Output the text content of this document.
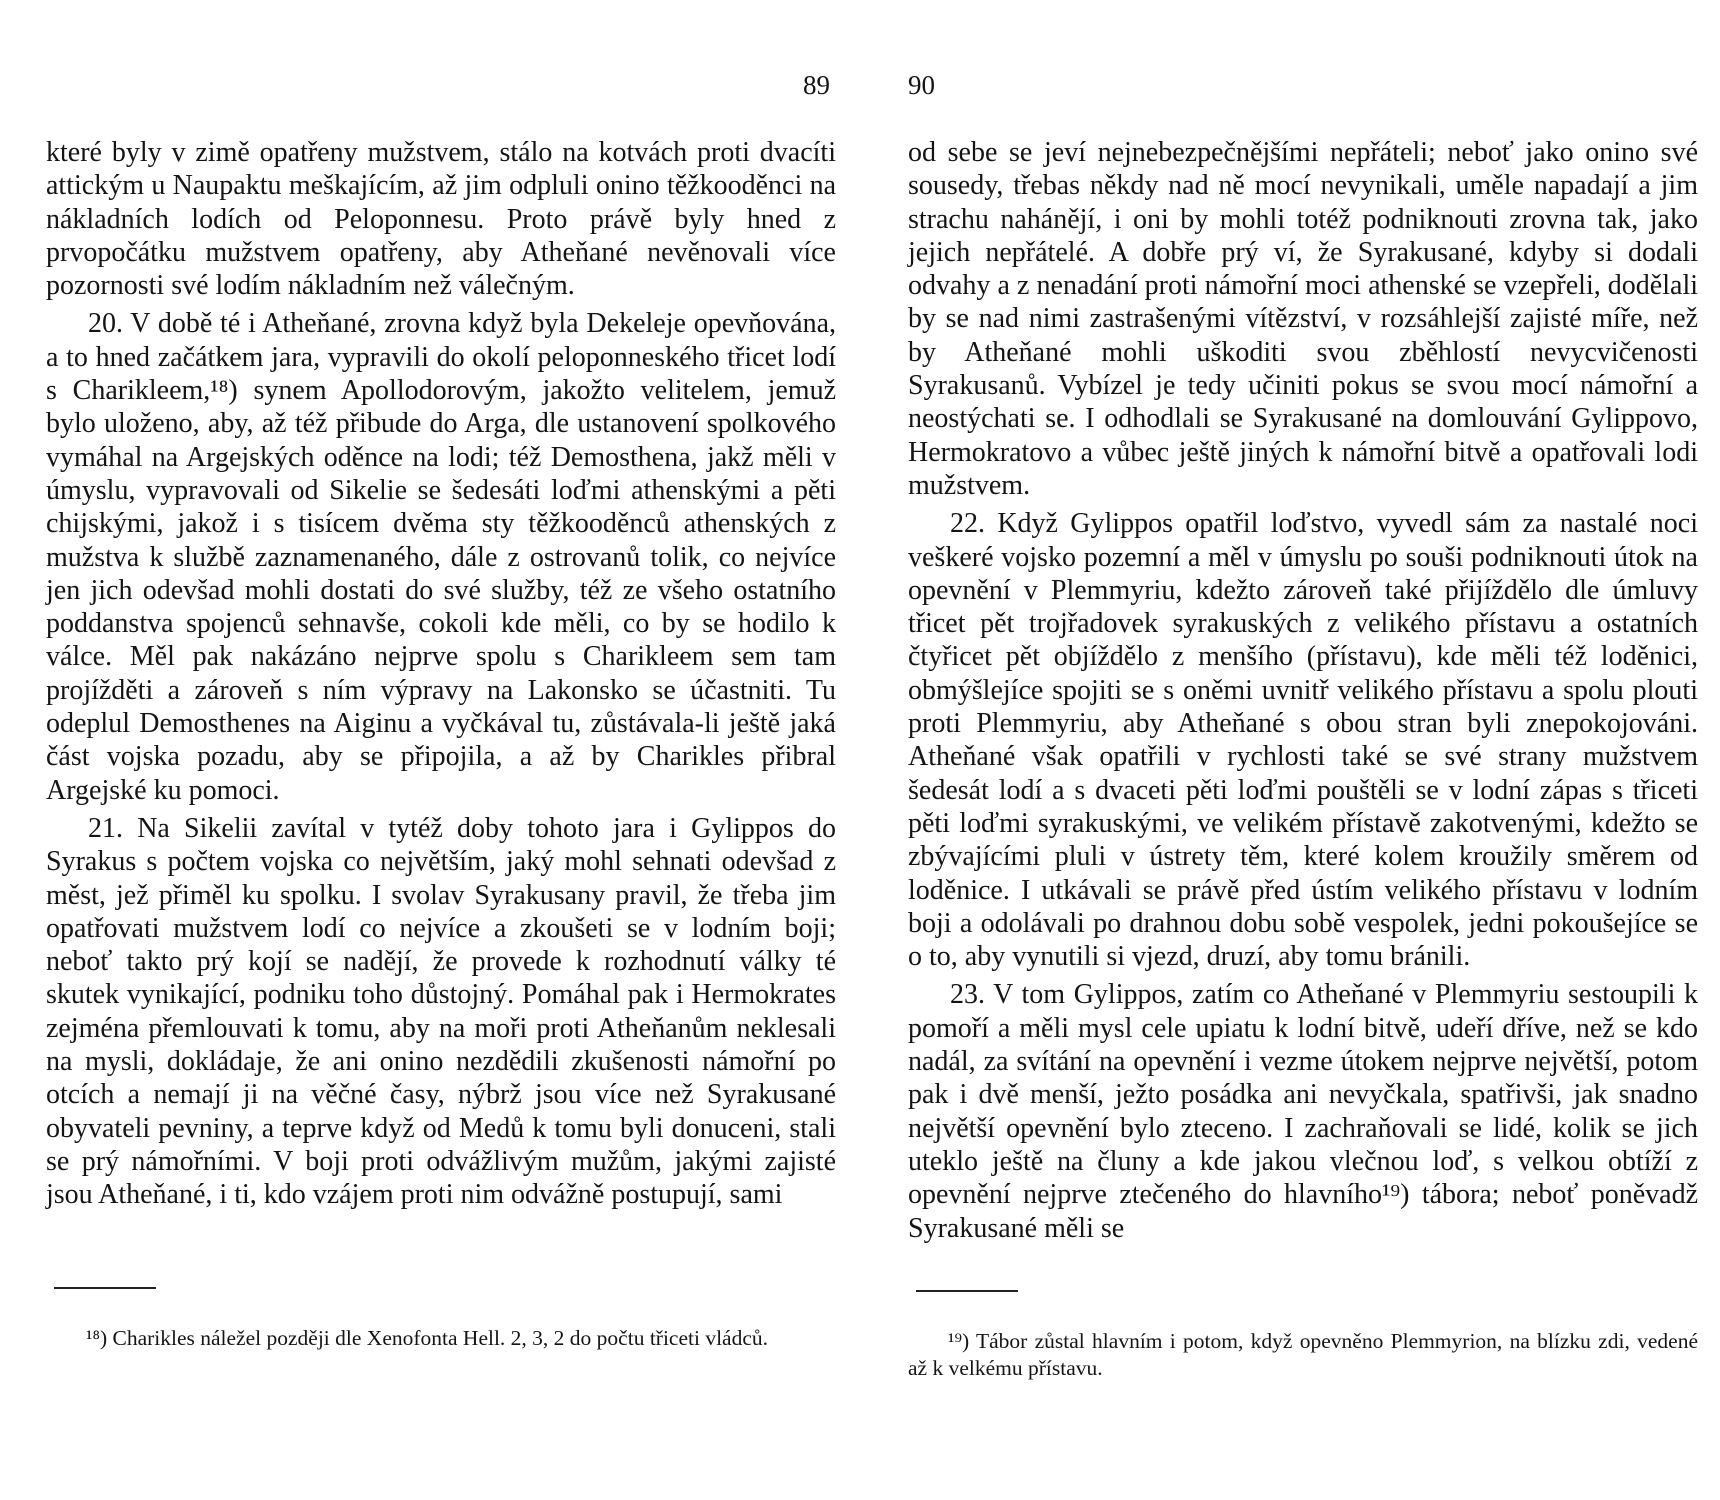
89

které byly v zimě opatřeny mužstvem, stálo na kotvách proti dvacíti attickým u Naupaktu meškajícím, až jim odpluli onino těžkooděnci na nákladních lodích od Peloponnesu. Proto právě byly hned z prvopočátku mužstvem opatřeny, aby Atheňané nevěnovali více pozornosti své lodím nákladním než válečným.

20. V době té i Atheňané, zrovna když byla Dekeleje opevňována, a to hned začátkem jara, vypravili do okolí peloponneského třicet lodí s Charikleem,¹⁸) synem Apollodorovým, jakožto velitelem, jemuž bylo uloženo, aby, až též přibude do Arga, dle ustanovení spolkového vymáhal na Argejských oděnce na lodi; též Demosthena, jakž měli v úmyslu, vypravovali od Sikelie se šedesáti loďmi athenskými a pěti chijskými, jakož i s tisícem dvěma sty těžkooděnců athenských z mužstva k službě zaznamenaného, dále z ostrovanů tolik, co nejvíce jen jich odevšad mohli dostati do své služby, též ze všeho ostatního poddanstva spojenců sehnavše, cokoli kde měli, co by se hodilo k válce. Měl pak nakázáno nejprve spolu s Charikleem sem tam projížděti a zároveň s ním výpravy na Lakonsko se účastniti. Tu odeplul Demosthenes na Aiginu a vyčkával tu, zůstávala-li ještě jaká část vojska pozadu, aby se připojila, a až by Charikles přibral Argejské ku pomoci.

21. Na Sikelii zavítal v tytéž doby tohoto jara i Gylippos do Syrakus s počtem vojska co největším, jaký mohl sehnati odevšad z měst, jež přiměl ku spolku. I svolav Syrakusany pravil, že třeba jim opatřovati mužstvem lodí co nejvíce a zkoušeti se v lodním boji; neboť takto prý kojí se nadějí, že provede k rozhodnutí války té skutek vynikající, podniku toho důstojný. Pomáhal pak i Hermokrates zejména přemlouvati k tomu, aby na moři proti Atheňanům neklesali na mysli, dokládaje, že ani onino nezdědili zkušenosti námořní po otcích a nemají ji na věčné časy, nýbrž jsou více než Syrakusané obyvateli pevniny, a teprve když od Medů k tomu byli donuceni, stali se prý námořními. V boji proti odvážlivým mužům, jakými zajisté jsou Atheňané, i ti, kdo vzájem proti nim odvážně postupují, sami

¹⁸) Charikles náležel později dle Xenofonta Hell. 2, 3, 2 do počtu třiceti vládců.

90

od sebe se jeví nejnebezpečnějšími nepřáteli; neboť jako onino své sousedy, třebas někdy nad ně mocí nevynikali, uměle napadají a jim strachu nahánějí, i oni by mohli totéž podniknouti zrovna tak, jako jejich nepřátelé. A dobře prý ví, že Syrakusané, kdyby si dodali odvahy a z nenadání proti námořní moci athenské se vzepřeli, dodělali by se nad nimi zastrašenými vítězství, v rozsáhlejší zajisté míře, než by Atheňané mohli uškoditi svou zběhlostí nevycvičenosti Syrakusanů. Vybízel je tedy učiniti pokus se svou mocí námořní a neostýchati se. I odhodlali se Syrakusané na domlouvání Gylippovo, Hermokratovo a vůbec ještě jiných k námořní bitvě a opatřovali lodi mužstvem.

22. Když Gylippos opatřil loďstvo, vyvedl sám za nastalé noci veškeré vojsko pozemní a měl v úmyslu po souši podniknouti útok na opevnění v Plemmyriu, kdežto zároveň také přijíždělo dle úmluvy třicet pět trojřadovek syrakuských z velikého přístavu a ostatních čtyřicet pět objíždělo z menšího (přístavu), kde měli též loděnici, obmýšlejíce spojiti se s oněmi uvnitř velikého přístavu a spolu plouti proti Plemmyriu, aby Atheňané s obou stran byli znepokojováni. Atheňané však opatřili v rychlosti také se své strany mužstvem šedesát lodí a s dvaceti pěti loďmi pouštěli se v lodní zápas s třiceti pěti loďmi syrakuskými, ve velikém přístavě zakotvenými, kdežto se zbývajícími pluli v ústrety těm, které kolem kroužily směrem od loděnice. I utkávali se právě před ústím velikého přístavu v lodním boji a odolávali po drahnou dobu sobě vespolek, jedni pokoušejíce se o to, aby vynutili si vjezd, druzí, aby tomu bránili.

23. V tom Gylippos, zatím co Atheňané v Plemmyriu sestoupili k pomoří a měli mysl cele upiatu k lodní bitvě, udeří dříve, než se kdo nadál, za svítání na opevnění i vezme útokem nejprve největší, potom pak i dvě menší, ježto posádka ani nevyčkala, spatřivši, jak snadno největší opevnění bylo zteceno. I zachraňovali se lidé, kolik se jich uteklo ještě na čluny a kde jakou vlečnou loď, s velkou obtíží z opevnění nejprve ztečeného do hlavního¹⁹) tábora; neboť poněvadž Syrakusané měli se

¹⁹) Tábor zůstal hlavním i potom, když opevněno Plemmyrion, na blízku zdi, vedené až k velkému přístavu.
